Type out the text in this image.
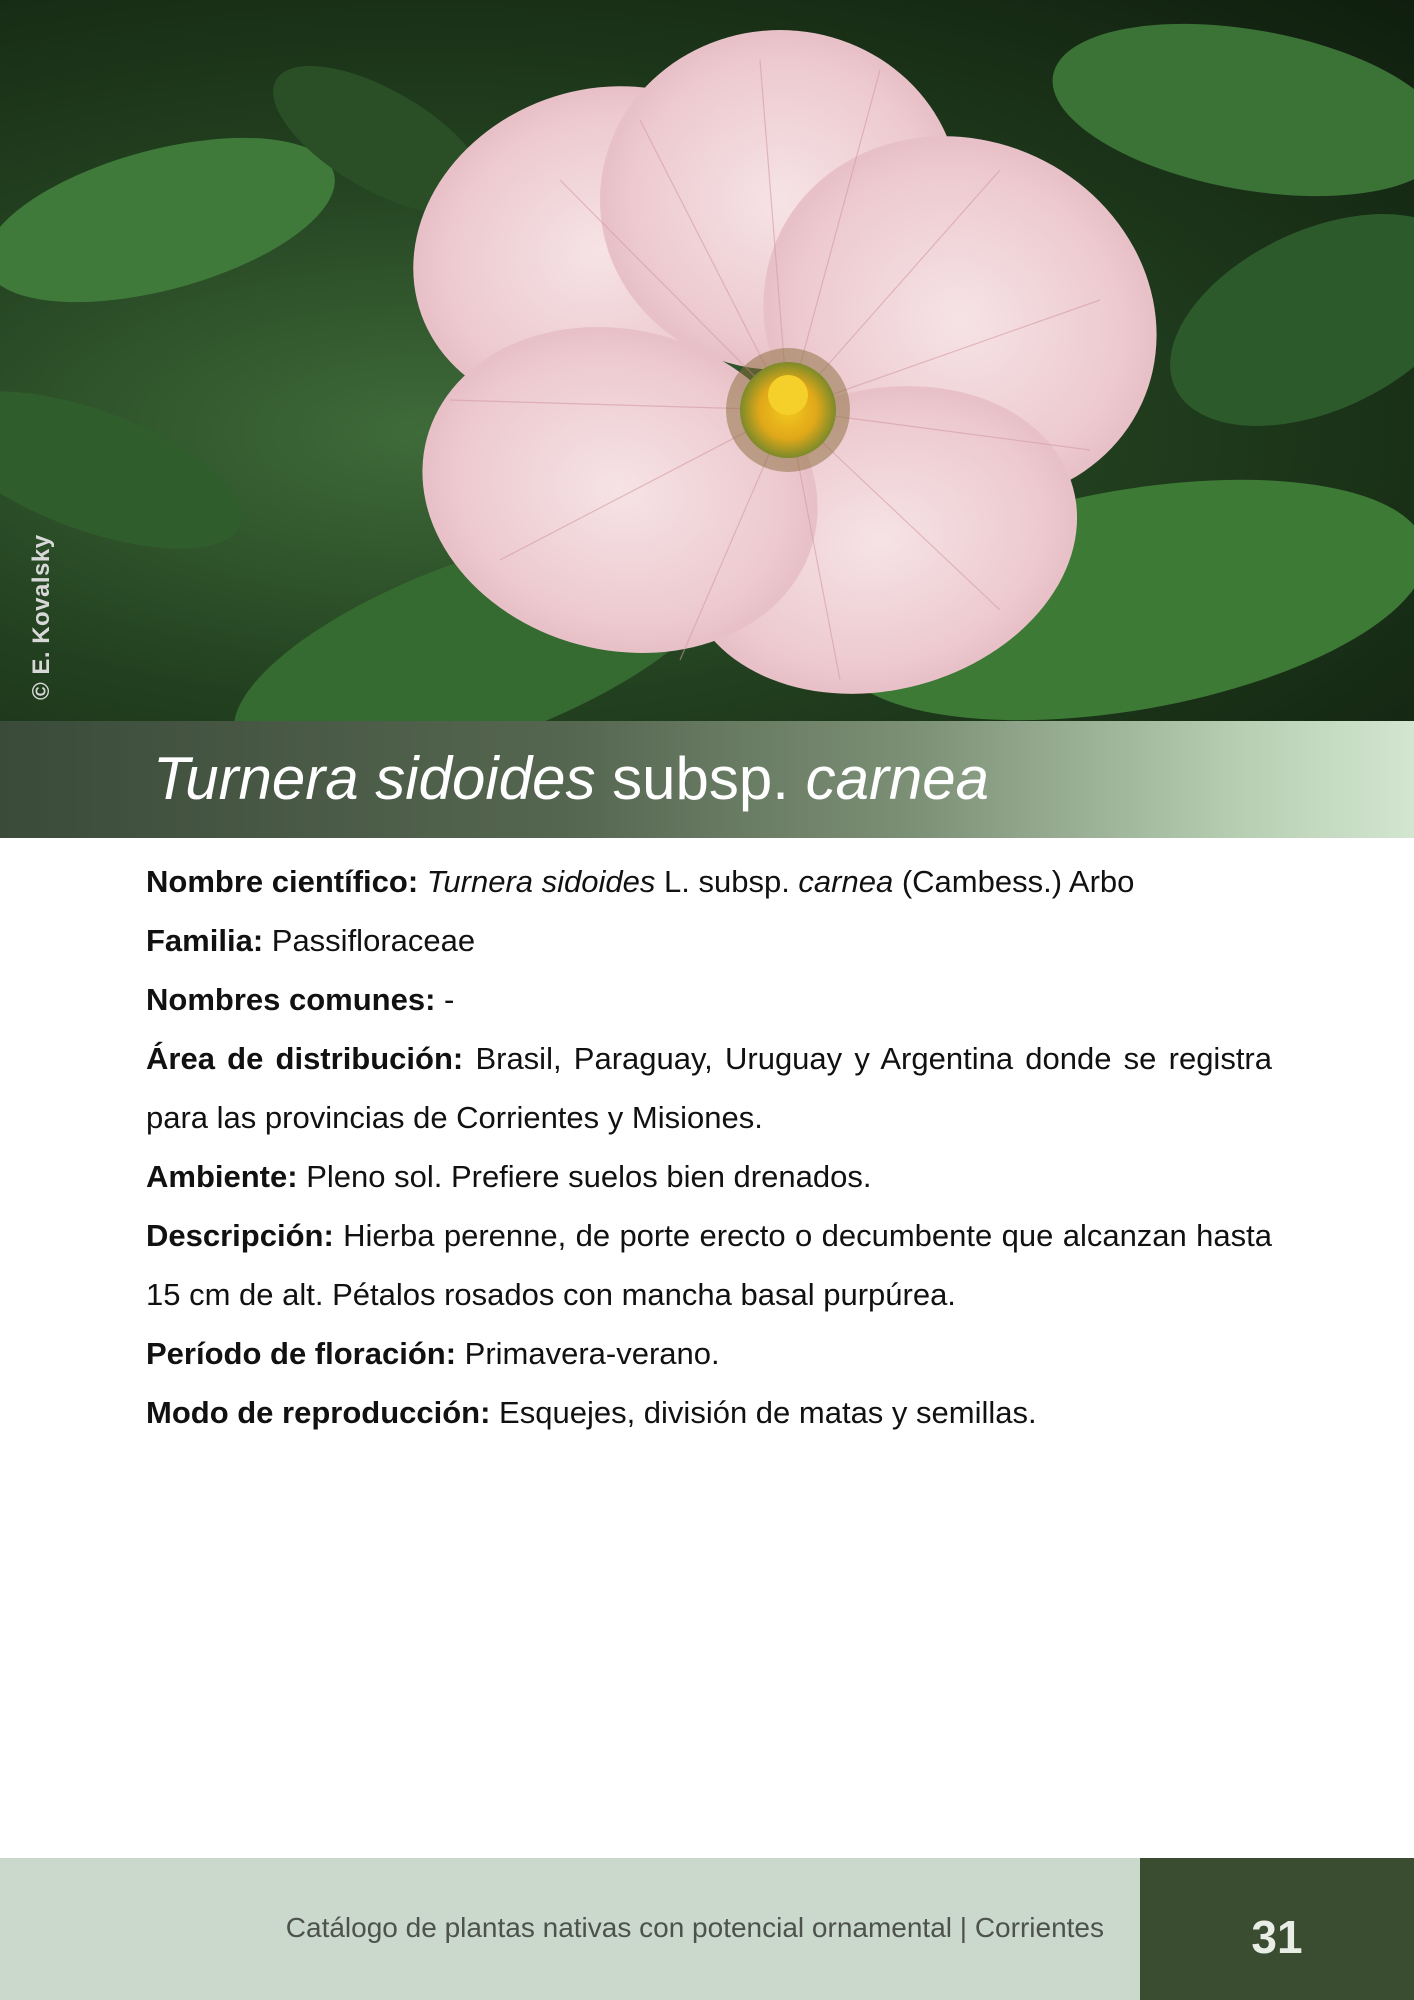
© E. Kovalsky
Turnera sidoides subsp. carnea

Nombre científico: Turnera sidoides L. subsp. carnea (Cambess.) Arbo

Familia: Passifloraceae

Nombres comunes: -

Área de distribución: Brasil, Paraguay, Uruguay y Argentina donde se registra para las provincias de Corrientes y Misiones.

Ambiente: Pleno sol. Prefiere suelos bien drenados.

Descripción: Hierba perenne, de porte erecto o decumbente que alcanzan hasta 15 cm de alt. Pétalos rosados con mancha basal purpúrea.

Período de floración: Primavera-verano.

Modo de reproducción: Esquejes, división de matas y semillas.

Catálogo de plantas nativas con potencial ornamental | Corrientes	31
